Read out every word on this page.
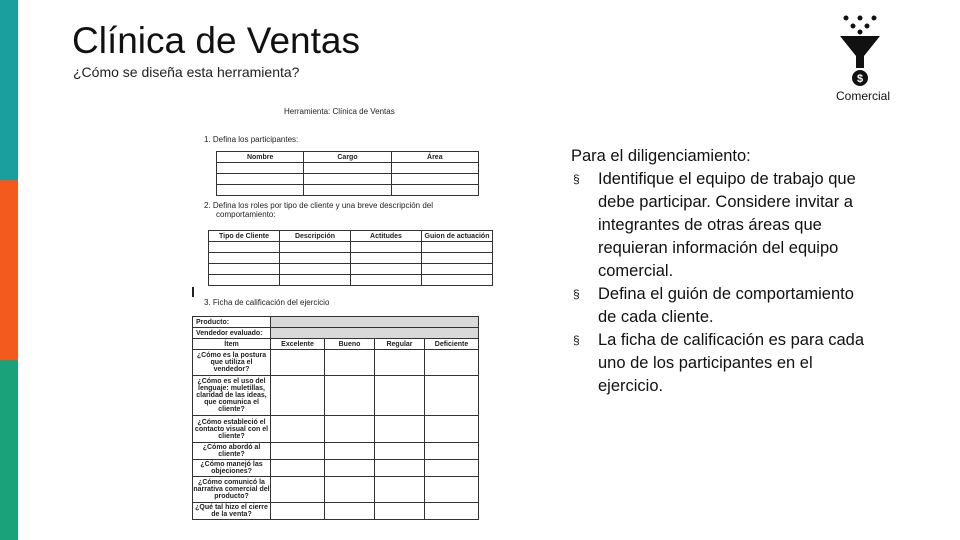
Clínica de Ventas
¿Cómo se diseña esta herramienta?	$
Comercial
Herramienta: Clínica de Ventas
1. Defina los participantes:
Nombre	Cargo	Área

2. Defina los roles por tipo de cliente y una breve descripción del
comportamiento:
Tipo de Cliente	Descripción	Actitudes	Guion de actuación

3. Ficha de calificación del ejercicio
Producto:				
Vendedor evaluado:				
Ítem	Excelente	Bueno	Regular	Deficiente
¿Cómo es la postura que utiliza el vendedor?				
¿Cómo es el uso del lenguaje: muletillas, claridad de las ideas, que comunica el cliente?				
¿Cómo estableció el contacto visual con el cliente?				
¿Cómo abordó al cliente?				
¿Cómo manejó las objeciones?				
¿Cómo comunicó la narrativa comercial del producto?				
¿Qué tal hizo el cierre de la venta?				
Para el diligenciamiento:
§ Identifique el equipo de trabajo que debe participar. Considere invitar a integrantes de otras áreas que requieran información del equipo comercial.
§ Defina el guión de comportamiento de cada cliente.
§ La ficha de calificación es para cada uno de los participantes en el ejercicio.
